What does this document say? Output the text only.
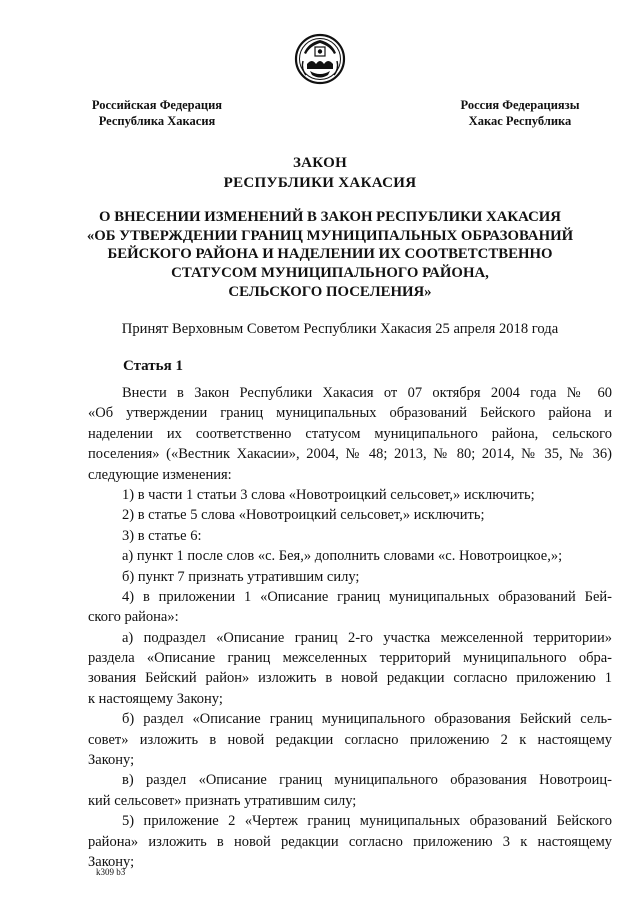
Российская Федерация
Республика Хакасия
Россия Федерациязы
Хакас Республика
ЗАКОН
РЕСПУБЛИКИ ХАКАСИЯ
О ВНЕСЕНИИ ИЗМЕНЕНИЙ В ЗАКОН РЕСПУБЛИКИ ХАКАСИЯ
«ОБ УТВЕРЖДЕНИИ ГРАНИЦ МУНИЦИПАЛЬНЫХ ОБРАЗОВАНИЙ
БЕЙСКОГО РАЙОНА И НАДЕЛЕНИИ ИХ СООТВЕТСТВЕННО
СТАТУСОМ МУНИЦИПАЛЬНОГО РАЙОНА,
СЕЛЬСКОГО ПОСЕЛЕНИЯ»
Принят Верховным Советом Республики Хакасия 25 апреля 2018 года
Статья 1
Внести в Закон Республики Хакасия от 07 октября 2004 года № 60
«Об утверждении границ муниципальных образований Бейского района и
наделении их соответственно статусом муниципального района, сельского
поселения» («Вестник Хакасии», 2004, № 48; 2013, № 80; 2014, № 35, № 36)
следующие изменения:
1) в части 1 статьи 3 слова «Новотроицкий сельсовет,» исключить;
2) в статье 5 слова «Новотроицкий сельсовет,» исключить;
3) в статье 6:
а) пункт 1 после слов «с. Бея,» дополнить словами «с. Новотроицкое,»;
б) пункт 7 признать утратившим силу;
4) в приложении 1 «Описание границ муниципальных образований Бей-
ского района»:
а) подраздел «Описание границ 2-го участка межселенной территории»
раздела «Описание границ межселенных территорий муниципального обра-
зования Бейский район» изложить в новой редакции согласно приложению 1
к настоящему Закону;
б) раздел «Описание границ муниципального образования Бейский сель-
совет» изложить в новой редакции согласно приложению 2 к настоящему
Закону;
в) раздел «Описание границ муниципального образования Новотроиц-
кий сельсовет» признать утратившим силу;
5) приложение 2 «Чертеж границ муниципальных образований Бейского
района» изложить в новой редакции согласно приложению 3 к настоящему
Закону;
k309 b3
